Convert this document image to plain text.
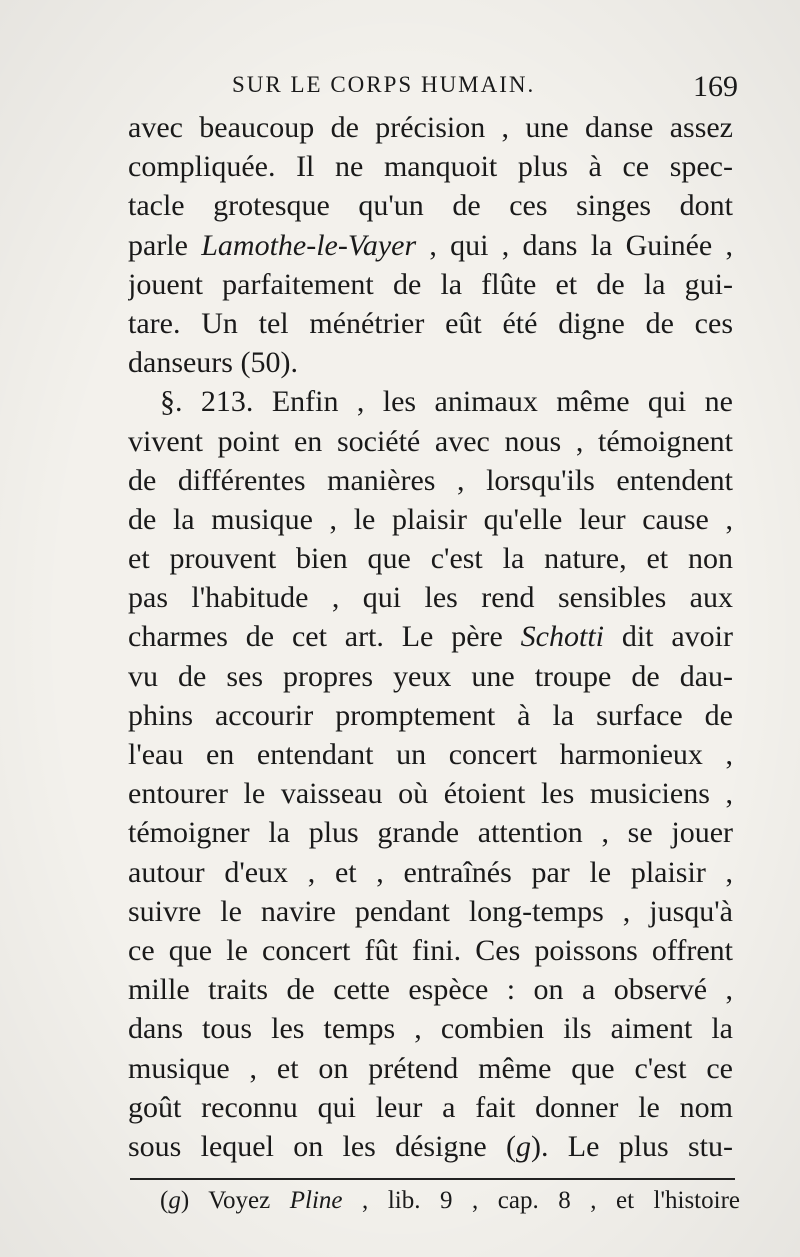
SUR LE CORPS HUMAIN.	169
avec beaucoup de précision , une danse assez
compliquée. Il ne manquoit plus à ce spec-
tacle grotesque qu'un de ces singes dont
parle Lamothe-le-Vayer , qui , dans la Guinée ,
jouent parfaitement de la flûte et de la gui-
tare. Un tel ménétrier eût été digne de ces
danseurs (50).
§. 213. Enfin , les animaux même qui ne
vivent point en société avec nous , témoignent
de différentes manières , lorsqu'ils entendent
de la musique , le plaisir qu'elle leur cause ,
et prouvent bien que c'est la nature, et non
pas l'habitude , qui les rend sensibles aux
charmes de cet art. Le père Schotti dit avoir
vu de ses propres yeux une troupe de dau-
phins accourir promptement à la surface de
l'eau en entendant un concert harmonieux ,
entourer le vaisseau où étoient les musiciens ,
témoigner la plus grande attention , se jouer
autour d'eux , et , entraînés par le plaisir ,
suivre le navire pendant long-temps , jusqu'à
ce que le concert fût fini. Ces poissons offrent
mille traits de cette espèce : on a observé ,
dans tous les temps , combien ils aiment la
musique , et on prétend même que c'est ce
goût reconnu qui leur a fait donner le nom
sous lequel on les désigne (g). Le plus stu-
(g) Voyez Pline , lib. 9 , cap. 8 , et l'histoire
